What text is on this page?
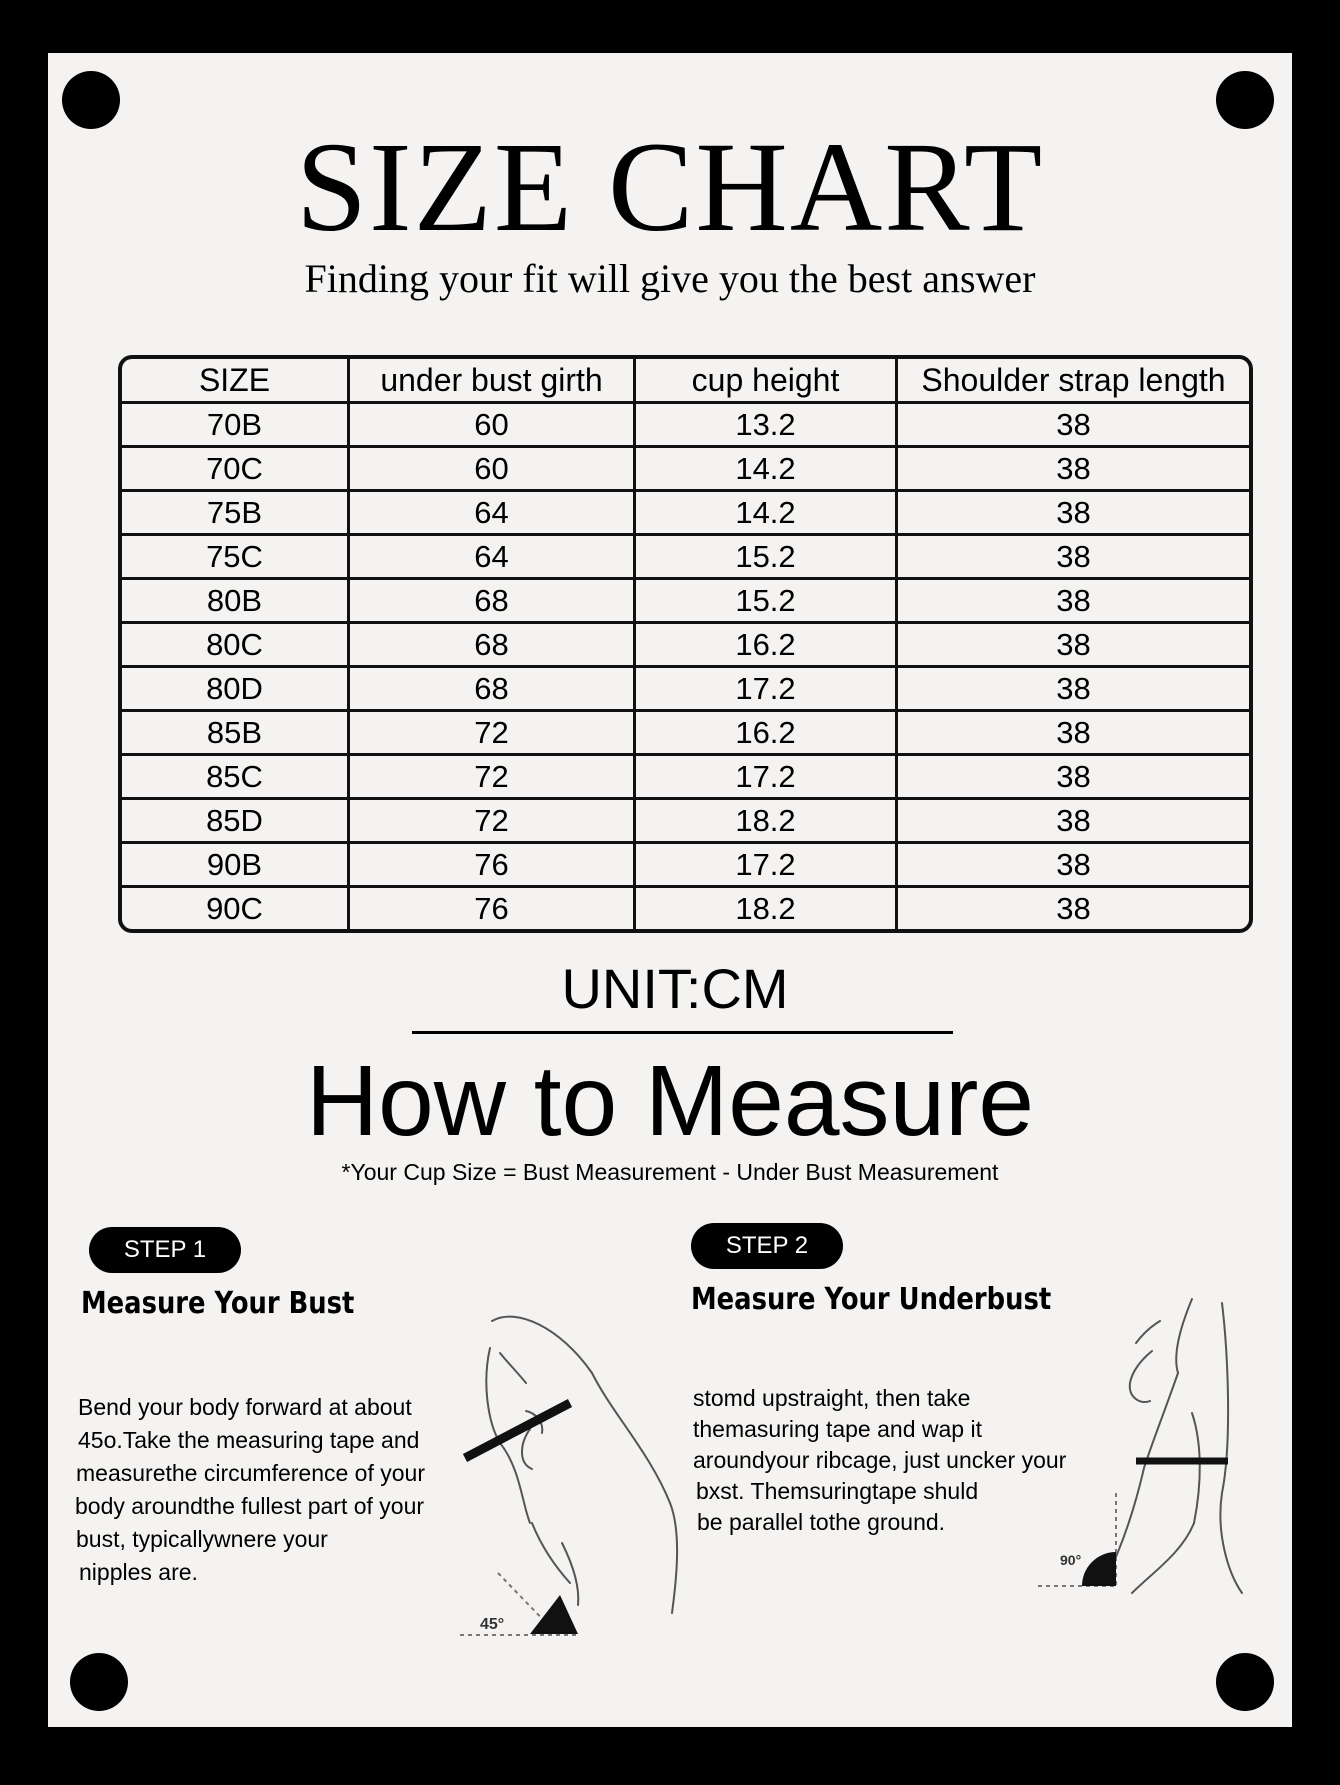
SIZE CHART
Finding your fit will give you the best answer
SIZE	under bust girth	cup height	Shoulder strap length
70B	60	13.2	38
70C	60	14.2	38
75B	64	14.2	38
75C	64	15.2	38
80B	68	15.2	38
80C	68	16.2	38
80D	68	17.2	38
85B	72	16.2	38
85C	72	17.2	38
85D	72	18.2	38
90B	76	17.2	38
90C	76	18.2	38
UNIT:CM
How to Measure
*Your Cup Size = Bust Measurement - Under Bust Measurement
STEP 1
Measure Your Bust
Bend your body forward at about
45o.Take the measuring tape and
measurethe circumference of your
body aroundthe fullest part of your
bust, typicallywnere your
nipples are.
45°
STEP 2
Measure Your Underbust
stomd upstraight, then take
themasuring tape and wap it
aroundyour ribcage, just uncker your
bxst. Themsuringtape shuld
be parallel tothe ground.
90°
